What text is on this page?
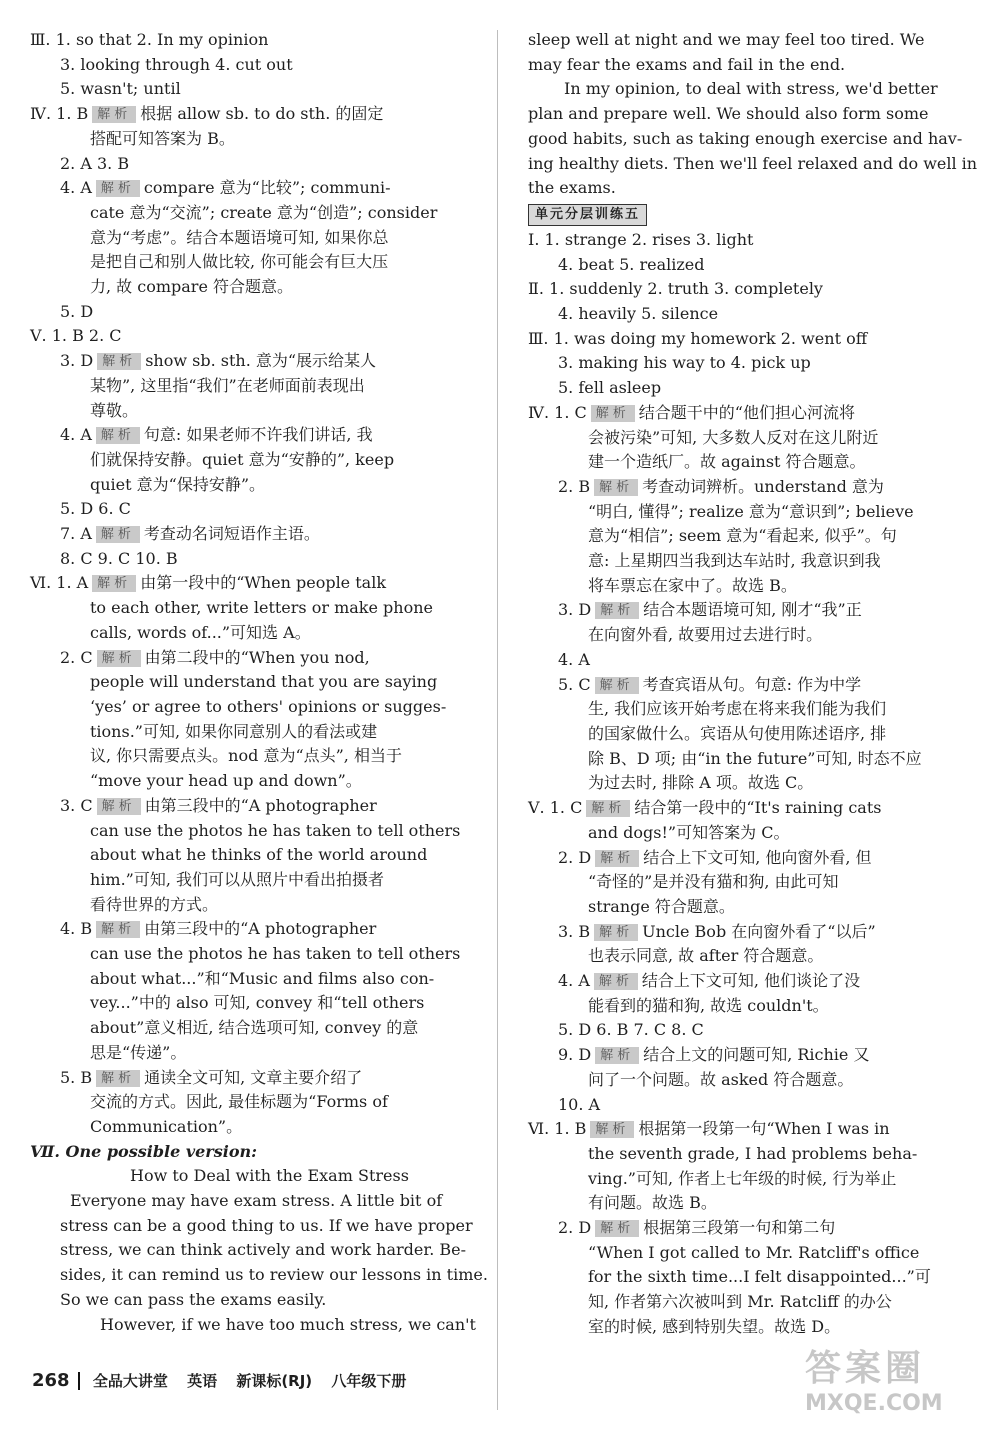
Ⅲ. 1. so that 2. In my opinion
3. looking through 4. cut out
5. wasn't; until
Ⅳ. 1. B 解析 根据 allow sb. to do sth. 的固定
搭配可知答案为 B。
2. A 3. B
4. A 解析 compare 意为“比较”; communi-
cate 意为“交流”; create 意为“创造”; consider
意为“考虑”。结合本题语境可知, 如果你总
是把自己和别人做比较, 你可能会有巨大压
力, 故 compare 符合题意。
5. D
Ⅴ. 1. B 2. C
3. D 解析 show sb. sth. 意为“展示给某人
某物”, 这里指“我们”在老师面前表现出
尊敬。
4. A 解析 句意: 如果老师不许我们讲话, 我
们就保持安静。quiet 意为“安静的”, keep
quiet 意为“保持安静”。
5. D 6. C
7. A 解析 考查动名词短语作主语。
8. C 9. C 10. B
Ⅵ. 1. A 解析 由第一段中的“When people talk
to each other, write letters or make phone
calls, words of...”可知选 A。
2. C 解析 由第二段中的“When you nod,
people will understand that you are saying
‘yes’ or agree to others' opinions or sugges-
tions.”可知, 如果你同意别人的看法或建
议, 你只需要点头。nod 意为“点头”, 相当于
“move your head up and down”。
3. C 解析 由第三段中的“A photographer
can use the photos he has taken to tell others
about what he thinks of the world around
him.”可知, 我们可以从照片中看出拍摄者
看待世界的方式。
4. B 解析 由第三段中的“A photographer
can use the photos he has taken to tell others
about what...”和“Music and films also con-
vey...”中的 also 可知, convey 和“tell others
about”意义相近, 结合选项可知, convey 的意
思是“传递”。
5. B 解析 通读全文可知, 文章主要介绍了
交流的方式。因此, 最佳标题为“Forms of
Communication”。
Ⅶ. One possible version:
How to Deal with the Exam Stress
Everyone may have exam stress. A little bit of
stress can be a good thing to us. If we have proper
stress, we can think actively and work harder. Be-
sides, it can remind us to review our lessons in time.
So we can pass the exams easily.
However, if we have too much stress, we can't
sleep well at night and we may feel too tired. We
may fear the exams and fail in the end.
In my opinion, to deal with stress, we'd better
plan and prepare well. We should also form some
good habits, such as taking enough exercise and hav-
ing healthy diets. Then we'll feel relaxed and do well in
the exams.
单元分层训练五
Ⅰ. 1. strange 2. rises 3. light
4. beat 5. realized
Ⅱ. 1. suddenly 2. truth 3. completely
4. heavily 5. silence
Ⅲ. 1. was doing my homework 2. went off
3. making his way to 4. pick up
5. fell asleep
Ⅳ. 1. C 解析 结合题干中的“他们担心河流将
会被污染”可知, 大多数人反对在这儿附近
建一个造纸厂。故 against 符合题意。
2. B 解析 考查动词辨析。understand 意为
“明白, 懂得”; realize 意为“意识到”; believe
意为“相信”; seem 意为“看起来, 似乎”。句
意: 上星期四当我到达车站时, 我意识到我
将车票忘在家中了。故选 B。
3. D 解析 结合本题语境可知, 刚才“我”正
在向窗外看, 故要用过去进行时。
4. A
5. C 解析 考查宾语从句。句意: 作为中学
生, 我们应该开始考虑在将来我们能为我们
的国家做什么。宾语从句使用陈述语序, 排
除 B、D 项; 由“in the future”可知, 时态不应
为过去时, 排除 A 项。故选 C。
Ⅴ. 1. C 解析 结合第一段中的“It's raining cats
and dogs!”可知答案为 C。
2. D 解析 结合上下文可知, 他向窗外看, 但
“奇怪的”是并没有猫和狗, 由此可知
strange 符合题意。
3. B 解析 Uncle Bob 在向窗外看了“以后”
也表示同意, 故 after 符合题意。
4. A 解析 结合上下文可知, 他们谈论了没
能看到的猫和狗, 故选 couldn't。
5. D 6. B 7. C 8. C
9. D 解析 结合上文的问题可知, Richie 又
问了一个问题。故 asked 符合题意。
10. A
Ⅵ. 1. B 解析 根据第一段第一句“When I was in
the seventh grade, I had problems beha-
ving.”可知, 作者上七年级的时候, 行为举止
有问题。故选 B。
2. D 解析 根据第三段第一句和第二句
“When I got called to Mr. Ratcliff's office
for the sixth time...I felt disappointed...”可
知, 作者第六次被叫到 Mr. Ratcliff 的办公
室的时候, 感到特别失望。故选 D。
268 全品大讲堂 英语 新课标(RJ) 八年级下册	答案圈
MXQE.COM
